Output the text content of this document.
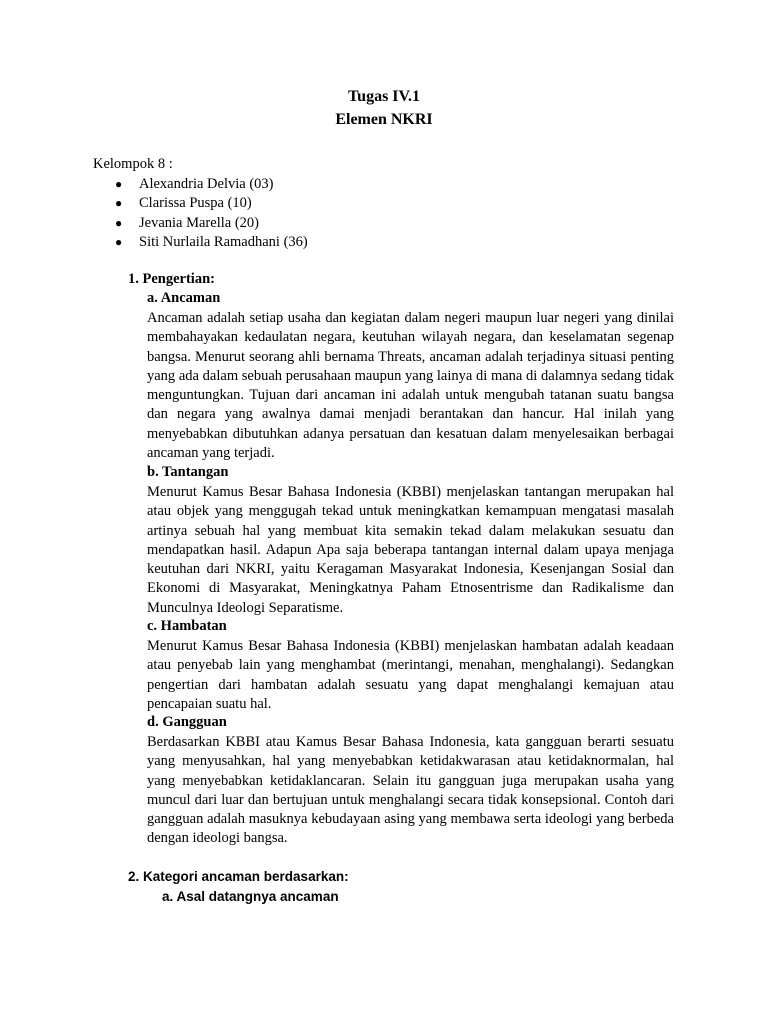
Tugas IV.1
Elemen NKRI
Kelompok 8 :
● Alexandria Delvia (03)
● Clarissa Puspa (10)
● Jevania Marella (20)
● Siti Nurlaila Ramadhani (36)
1. Pengertian:
a. Ancaman
Ancaman adalah setiap usaha dan kegiatan dalam negeri maupun luar negeri yang dinilai membahayakan kedaulatan negara, keutuhan wilayah negara, dan keselamatan segenap bangsa. Menurut seorang ahli bernama Threats, ancaman adalah terjadinya situasi penting yang ada dalam sebuah perusahaan maupun yang lainya di mana di dalamnya sedang tidak menguntungkan. Tujuan dari ancaman ini adalah untuk mengubah tatanan suatu bangsa dan negara yang awalnya damai menjadi berantakan dan hancur. Hal inilah yang menyebabkan dibutuhkan adanya persatuan dan kesatuan dalam menyelesaikan berbagai ancaman yang terjadi.
b. Tantangan
Menurut Kamus Besar Bahasa Indonesia (KBBI) menjelaskan tantangan merupakan hal atau objek yang menggugah tekad untuk meningkatkan kemampuan mengatasi masalah artinya sebuah hal yang membuat kita semakin tekad dalam melakukan sesuatu dan mendapatkan hasil. Adapun Apa saja beberapa tantangan internal dalam upaya menjaga keutuhan dari NKRI, yaitu Keragaman Masyarakat Indonesia, Kesenjangan Sosial dan Ekonomi di Masyarakat, Meningkatnya Paham Etnosentrisme dan Radikalisme dan Munculnya Ideologi Separatisme.
c. Hambatan
Menurut Kamus Besar Bahasa Indonesia (KBBI) menjelaskan hambatan adalah keadaan atau penyebab lain yang menghambat (merintangi, menahan, menghalangi). Sedangkan pengertian dari hambatan adalah sesuatu yang dapat menghalangi kemajuan atau pencapaian suatu hal.
d. Gangguan
Berdasarkan KBBI atau Kamus Besar Bahasa Indonesia, kata gangguan berarti sesuatu yang menyusahkan, hal yang menyebabkan ketidakwarasan atau ketidaknormalan, hal yang menyebabkan ketidaklancaran. Selain itu gangguan juga merupakan usaha yang muncul dari luar dan bertujuan untuk menghalangi secara tidak konsepsional. Contoh dari gangguan adalah masuknya kebudayaan asing yang membawa serta ideologi yang berbeda dengan ideologi bangsa.
2. Kategori ancaman berdasarkan:
a. Asal datangnya ancaman
